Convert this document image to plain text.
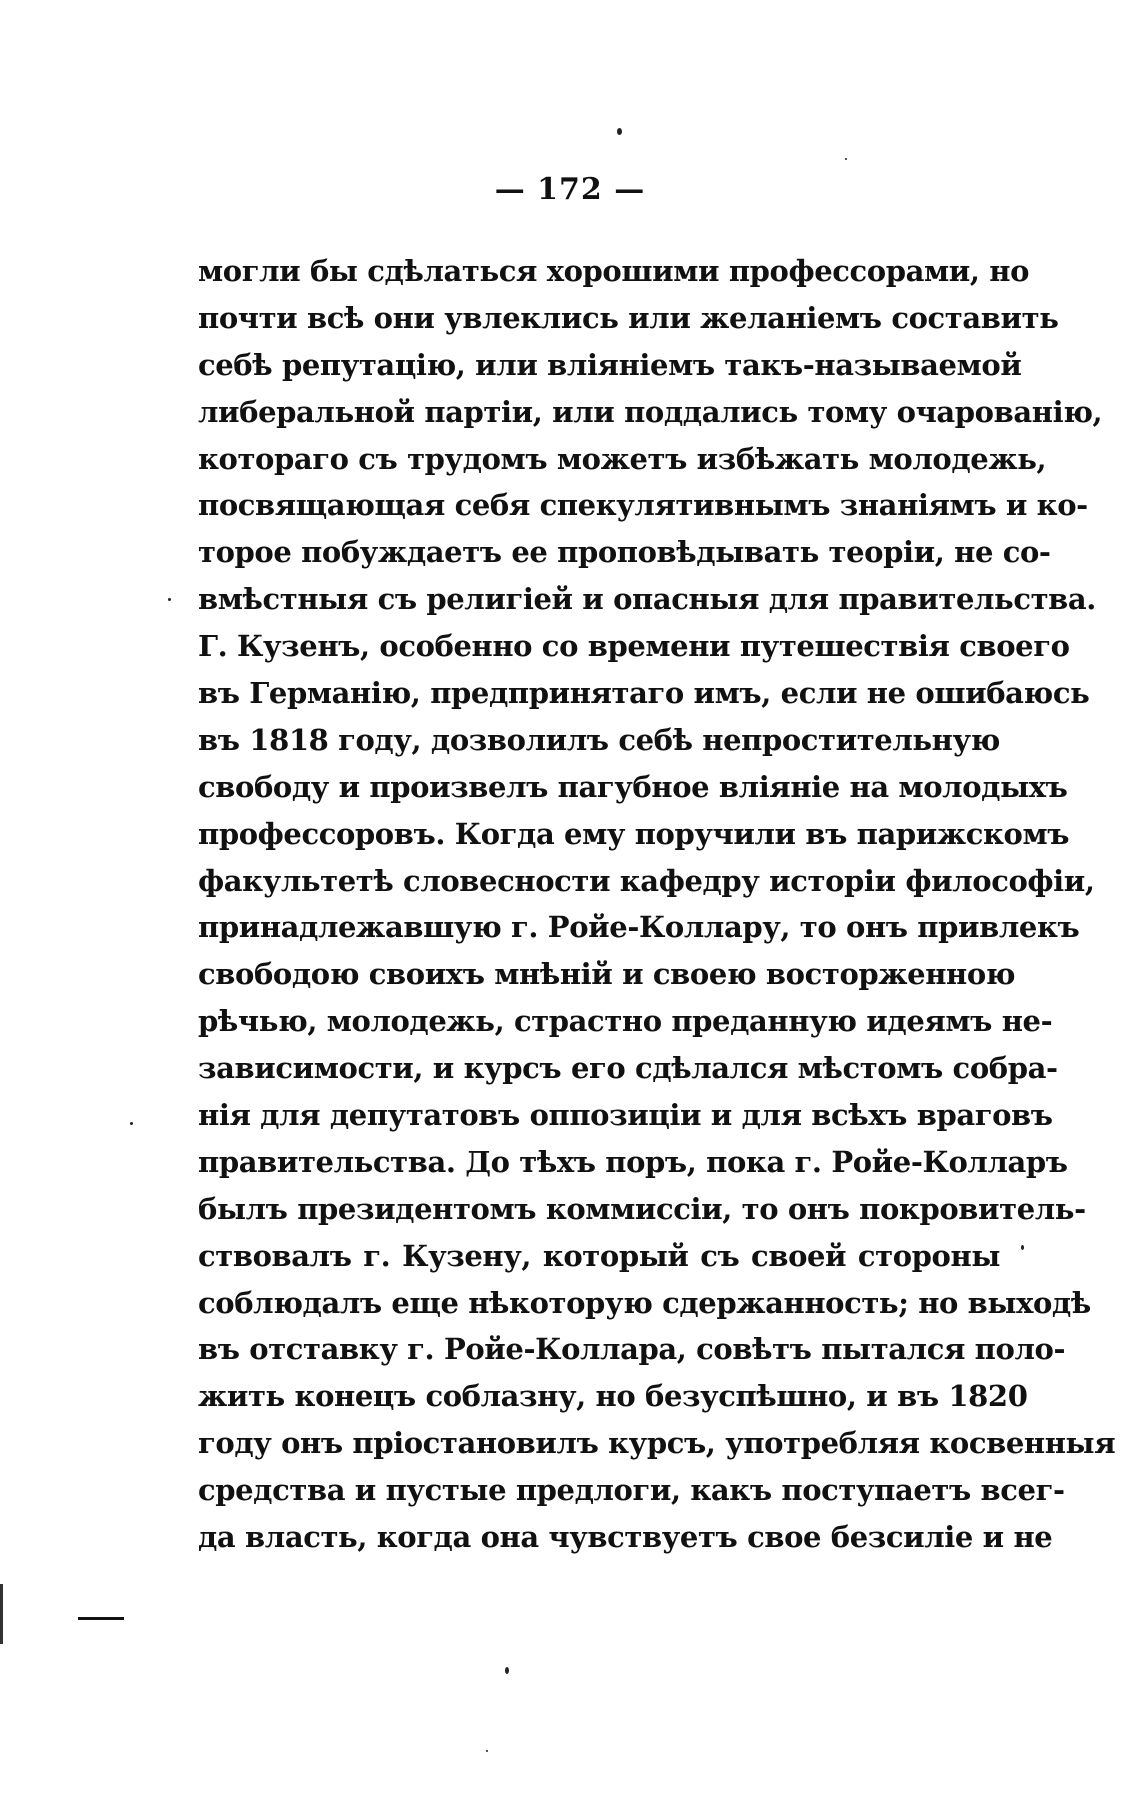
— 172 —
могли бы сдѣлаться хорошими профессорами, но
почти всѣ они увлеклись или желаніемъ составить
себѣ репутацію, или вліяніемъ такъ-называемой
либеральной партіи, или поддались тому очарованію,
котораго съ трудомъ можетъ избѣжать молодежь,
посвящающая себя спекулятивнымъ знаніямъ и ко-
торое побуждаетъ ее проповѣдывать теоріи, не со-
вмѣстныя съ религіей и опасныя для правительства.
Г. Кузенъ, особенно со времени путешествія своего
въ Германію, предпринятаго имъ, если не ошибаюсь
въ 1818 году, дозволилъ себѣ непростительную
свободу и произвелъ пагубное вліяніе на молодыхъ
профессоровъ. Когда ему поручили въ парижскомъ
факультетѣ словесности кафедру исторіи философіи,
принадлежавшую г. Ройе-Коллару, то онъ привлекъ
свободою своихъ мнѣній и своею восторженною
рѣчью, молодежь, страстно преданную идеямъ не-
зависимости, и курсъ его сдѣлался мѣстомъ собра-
нія для депутатовъ оппозиціи и для всѣхъ враговъ
правительства. До тѣхъ поръ, пока г. Ройе-Колларъ
былъ президентомъ коммиссіи, то онъ покровитель-
ствовалъ г. Кузену, который съ своей стороны
соблюдалъ еще нѣкоторую сдержанность; но выходѣ
въ отставку г. Ройе-Коллара, совѣтъ пытался поло-
жить конецъ соблазну, но безуспѣшно, и въ 1820
году онъ пріостановилъ курсъ, употребляя косвенныя
средства и пустые предлоги, какъ поступаетъ всег-
да власть, когда она чувствуетъ свое безсиліе и не
